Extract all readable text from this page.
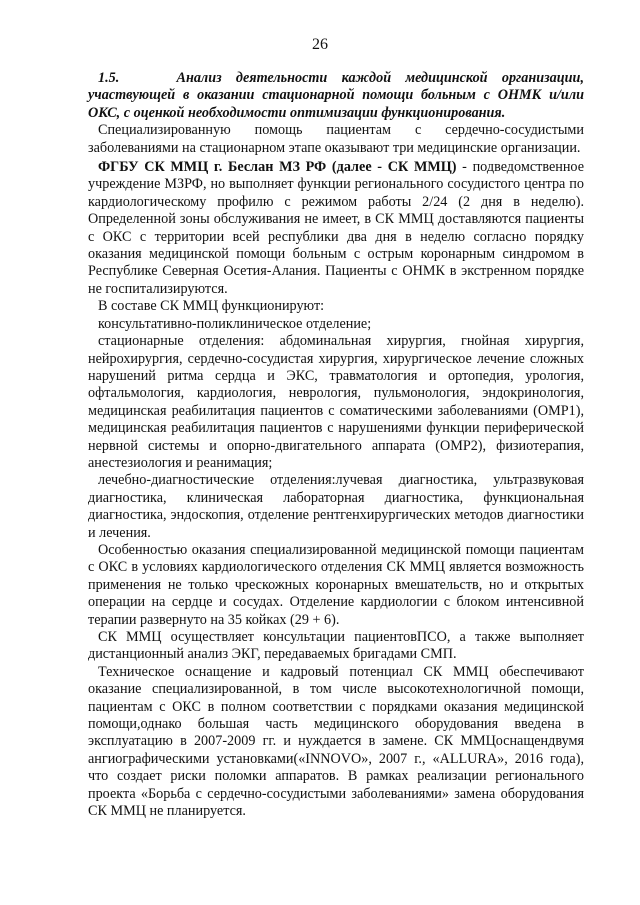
26

1.5.	Анализ деятельности каждой медицинской организации, участвующей в оказании стационарной помощи больным с ОНМК и/или ОКС, с оценкой необходимости оптимизации функционирования.

Специализированную помощь пациентам с сердечно-сосудистыми заболеваниями на стационарном этапе оказывают три медицинские организации.

ФГБУ СК ММЦ г. Беслан МЗ РФ (далее - СК ММЦ) - подведомственное учреждение МЗРФ, но выполняет функции регионального сосудистого центра по кардиологическому профилю с режимом работы 2/24 (2 дня в неделю). Определенной зоны обслуживания не имеет, в СК ММЦ доставляются пациенты с ОКС с территории всей республики два дня в неделю согласно порядку оказания медицинской помощи больным с острым коронарным синдромом в Республике Северная Осетия-Алания. Пациенты с ОНМК в экстренном порядке не госпитализируются.

В составе СК ММЦ функционируют:

консультативно-поликлиническое отделение;

стационарные отделения: абдоминальная хирургия, гнойная хирургия, нейрохирургия, сердечно-сосудистая хирургия, хирургическое лечение сложных нарушений ритма сердца и ЭКС, травматология и ортопедия, урология, офтальмология, кардиология, неврология, пульмонология, эндокринология, медицинская реабилитация пациентов с соматическими заболеваниями (ОМР1), медицинская реабилитация пациентов с нарушениями функции периферической нервной системы и опорно-двигательного аппарата (ОМР2), физиотерапия, анестезиология и реанимация;

лечебно-диагностические отделения:лучевая диагностика, ультразвуковая диагностика, клиническая лабораторная диагностика, функциональная диагностика, эндоскопия, отделение рентгенхирургических методов диагностики и лечения.

Особенностью оказания специализированной медицинской помощи пациентам с ОКС в условиях кардиологического отделения СК ММЦ является возможность применения не только чрескожных коронарных вмешательств, но и открытых операции на сердце и сосудах. Отделение кардиологии с блоком интенсивной терапии развернуто на 35 койках (29 + 6).

СК ММЦ осуществляет консультации пациентовПСО, а также выполняет дистанционный анализ ЭКГ, передаваемых бригадами СМП.

Техническое оснащение и кадровый потенциал СК ММЦ обеспечивают оказание специализированной, в том числе высокотехнологичной помощи, пациентам с ОКС в полном соответствии с порядками оказания медицинской помощи,однако большая часть медицинского оборудования введена в эксплуатацию в 2007-2009 гг. и нуждается в замене. СК ММЦоснащендвумя ангиографическими установками(«INNOVO», 2007 г., «ALLURA», 2016 года), что создает риски поломки аппаратов. В рамках реализации регионального проекта «Борьба с сердечно-сосудистыми заболеваниями» замена оборудования СК ММЦ не планируется.
